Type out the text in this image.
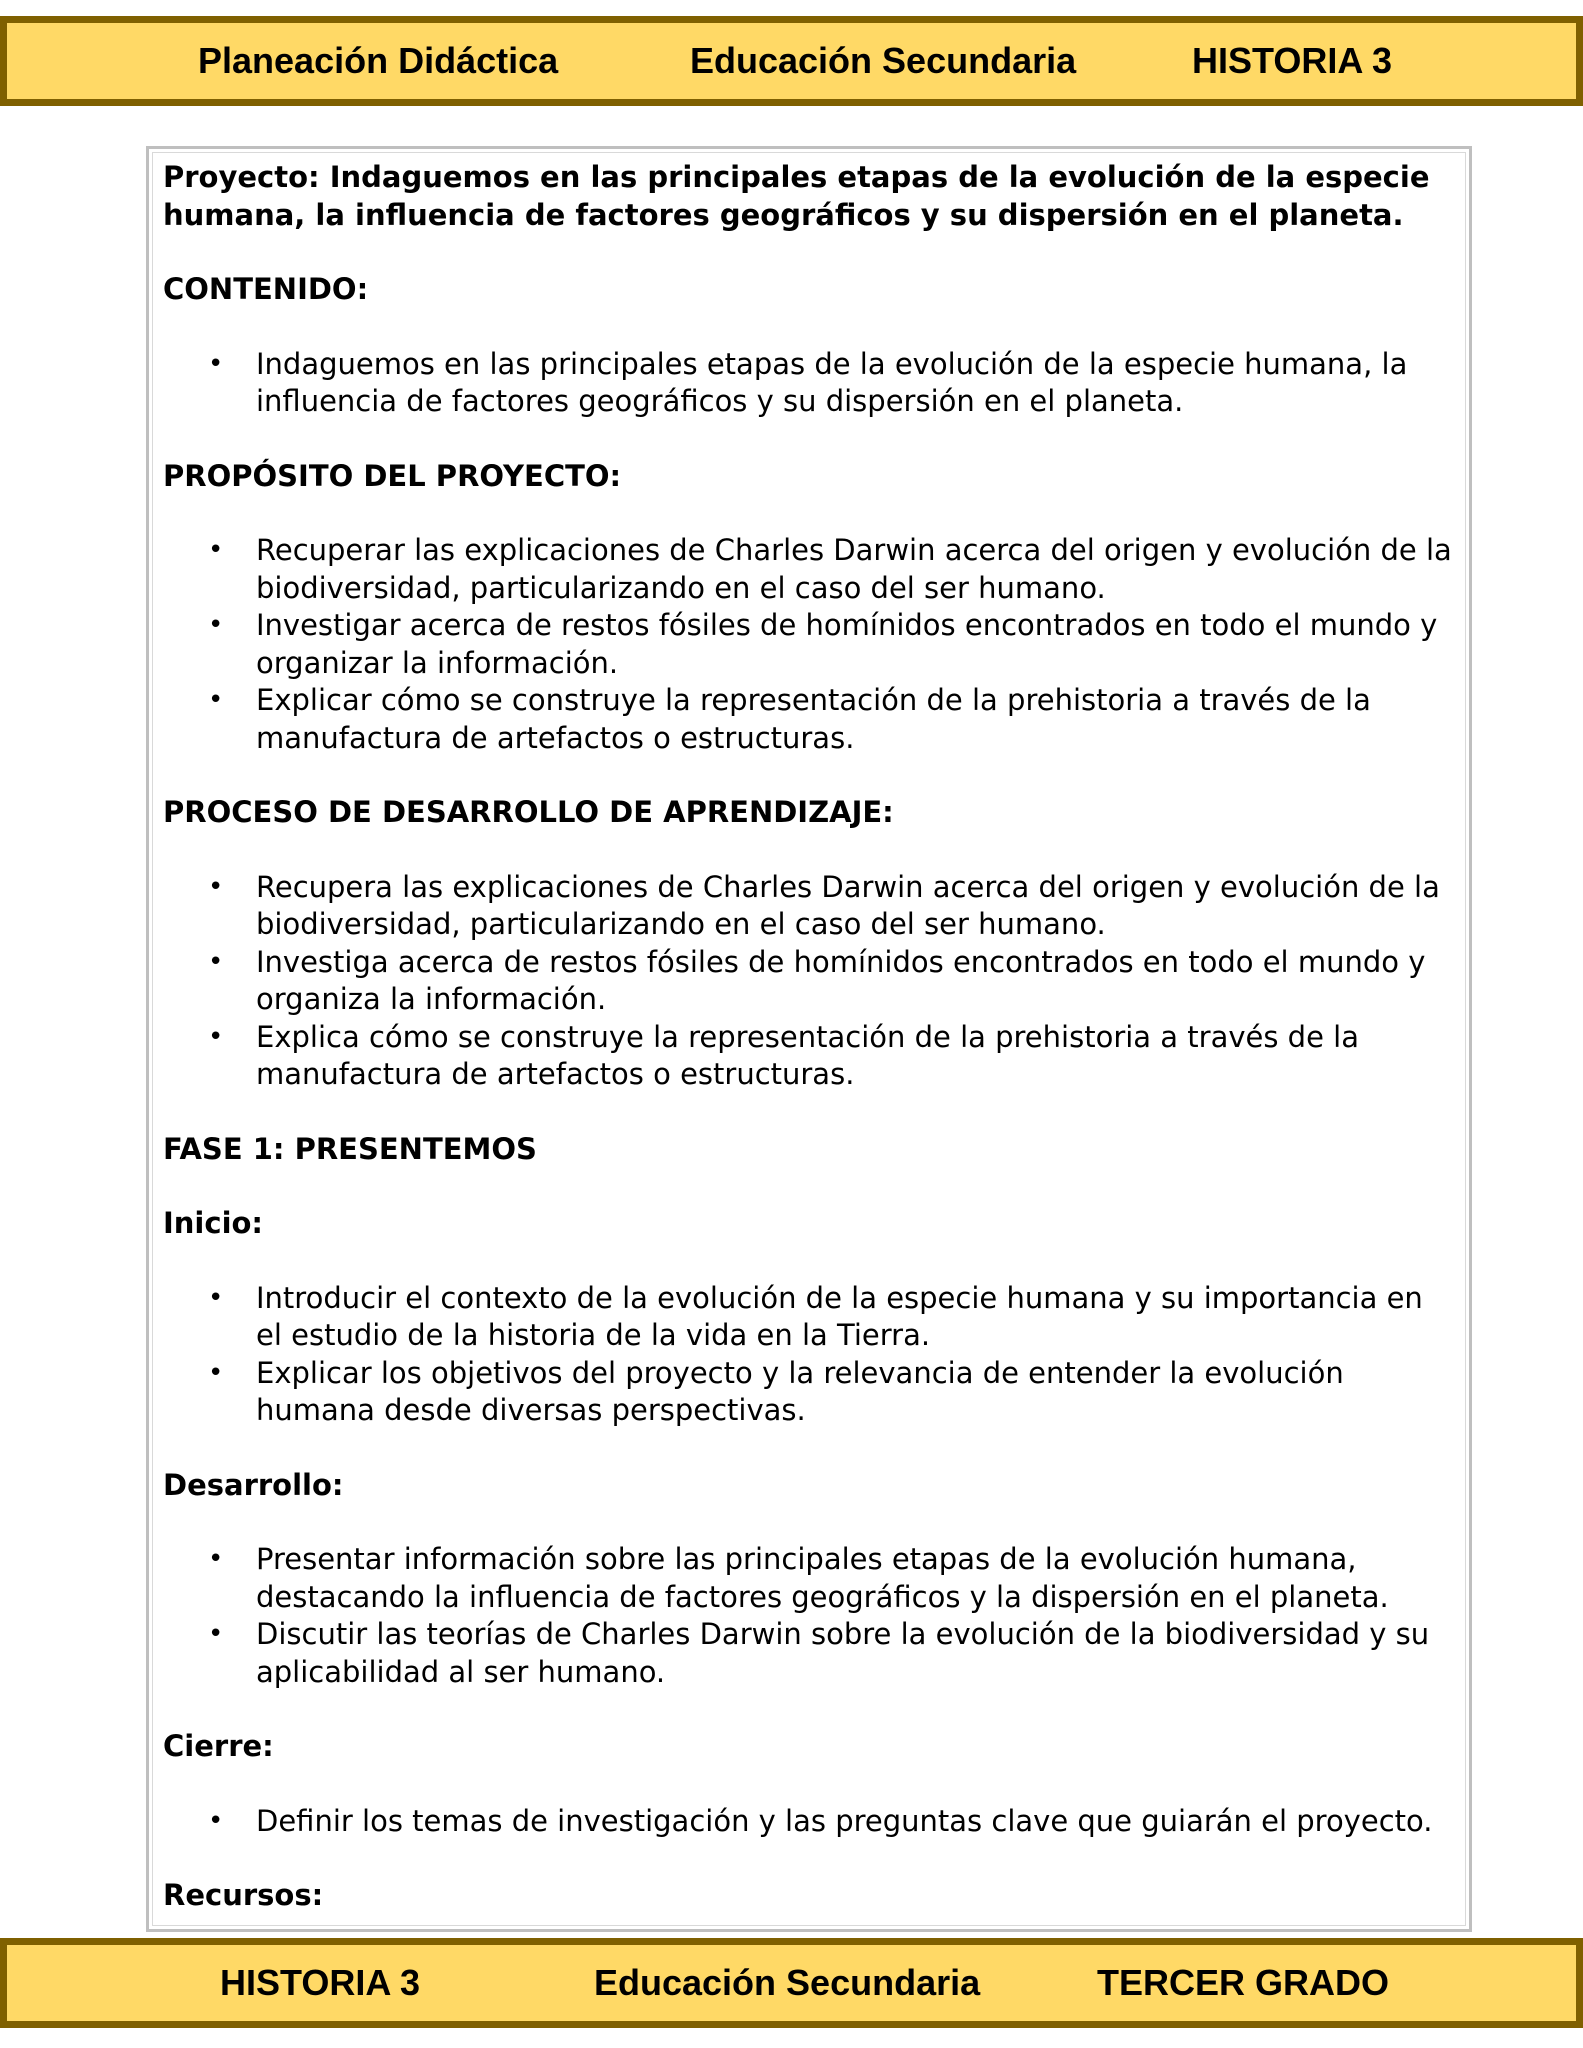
Planeación Didáctica	Educación Secundaria	HISTORIA 3
Proyecto: Indaguemos en las principales etapas de la evolución de la especie humana, la influencia de factores geográficos y su dispersión en el planeta.
CONTENIDO:
• Indaguemos en las principales etapas de la evolución de la especie humana, la influencia de factores geográficos y su dispersión en el planeta.
PROPÓSITO DEL PROYECTO:
• Recuperar las explicaciones de Charles Darwin acerca del origen y evolución de la biodiversidad, particularizando en el caso del ser humano.
• Investigar acerca de restos fósiles de homínidos encontrados en todo el mundo y organizar la información.
• Explicar cómo se construye la representación de la prehistoria a través de la manufactura de artefactos o estructuras.
PROCESO DE DESARROLLO DE APRENDIZAJE:
• Recupera las explicaciones de Charles Darwin acerca del origen y evolución de la biodiversidad, particularizando en el caso del ser humano.
• Investiga acerca de restos fósiles de homínidos encontrados en todo el mundo y organiza la información.
• Explica cómo se construye la representación de la prehistoria a través de la manufactura de artefactos o estructuras.
FASE 1: PRESENTEMOS
Inicio:
• Introducir el contexto de la evolución de la especie humana y su importancia en el estudio de la historia de la vida en la Tierra.
• Explicar los objetivos del proyecto y la relevancia de entender la evolución humana desde diversas perspectivas.
Desarrollo:
• Presentar información sobre las principales etapas de la evolución humana, destacando la influencia de factores geográficos y la dispersión en el planeta.
• Discutir las teorías de Charles Darwin sobre la evolución de la biodiversidad y su aplicabilidad al ser humano.
Cierre:
• Definir los temas de investigación y las preguntas clave que guiarán el proyecto.
Recursos:
HISTORIA 3	Educación Secundaria	TERCER GRADO
